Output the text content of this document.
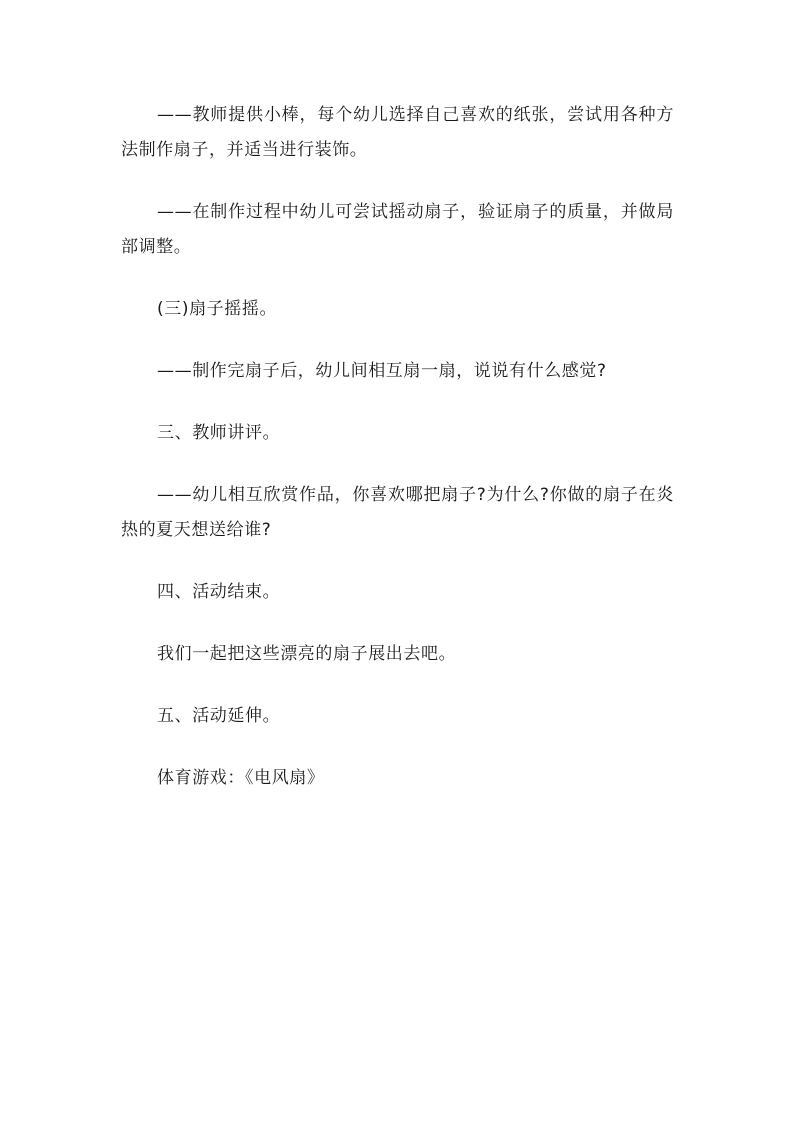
——教师提供小棒，每个幼儿选择自己喜欢的纸张，尝试用各种方法制作扇子，并适当进行装饰。

——在制作过程中幼儿可尝试摇动扇子，验证扇子的质量，并做局部调整。

(三)扇子摇摇。

——制作完扇子后，幼儿间相互扇一扇，说说有什么感觉?

三、教师讲评。

——幼儿相互欣赏作品，你喜欢哪把扇子?为什么?你做的扇子在炎热的夏天想送给谁?

四、活动结束。

我们一起把这些漂亮的扇子展出去吧。

五、活动延伸。

体育游戏：《电风扇》
